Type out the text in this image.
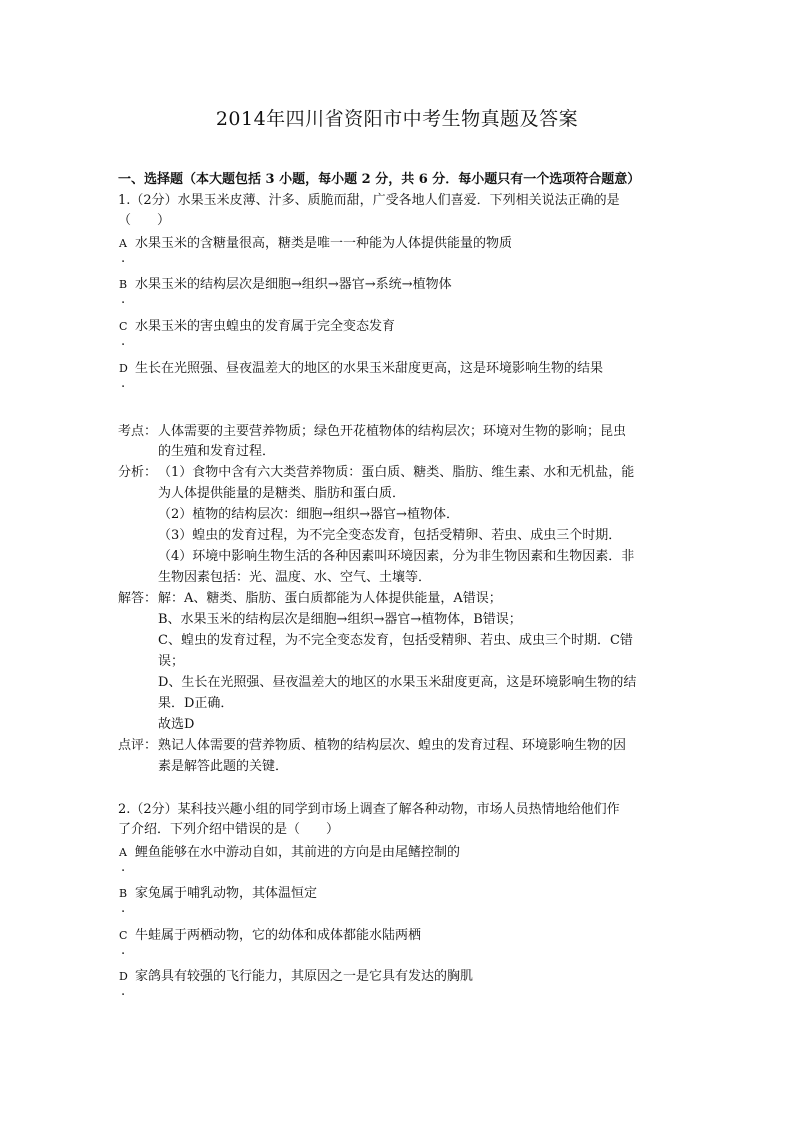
2014年四川省资阳市中考生物真题及答案
一、选择题（本大题包括 3 小题，每小题 2 分，共 6 分．每小题只有一个选项符合题意）
1.（2分）水果玉米皮薄、汁多、质脆而甜，广受各地人们喜爱．下列相关说法正确的是
（　　）
A 水果玉米的含糖量很高，糖类是唯一一种能为人体提供能量的物质
.
B 水果玉米的结构层次是细胞→组织→器官→系统→植物体
.
C 水果玉米的害虫蝗虫的发育属于完全变态发育
.
D 生长在光照强、昼夜温差大的地区的水果玉米甜度更高，这是环境影响生物的结果
.
考点： 人体需要的主要营养物质；绿色开花植物体的结构层次；环境对生物的影响；昆虫
的生殖和发育过程．
分析： （1）食物中含有六大类营养物质：蛋白质、糖类、脂肪、维生素、水和无机盐，能
为人体提供能量的是糖类、脂肪和蛋白质．
（2）植物的结构层次：细胞→组织→器官→植物体．
（3）蝗虫的发育过程，为不完全变态发育，包括受精卵、若虫、成虫三个时期．
（4）环境中影响生物生活的各种因素叫环境因素，分为非生物因素和生物因素．非
生物因素包括：光、温度、水、空气、土壤等．
解答： 解：A、糖类、脂肪、蛋白质都能为人体提供能量，A错误；
B、水果玉米的结构层次是细胞→组织→器官→植物体，B错误；
C、蝗虫的发育过程，为不完全变态发育，包括受精卵、若虫、成虫三个时期．C错
误；
D、生长在光照强、昼夜温差大的地区的水果玉米甜度更高，这是环境影响生物的结
果．D正确．
故选D
点评： 熟记人体需要的营养物质、植物的结构层次、蝗虫的发育过程、环境影响生物的因
素是解答此题的关键．
2.（2分）某科技兴趣小组的同学到市场上调查了解各种动物，市场人员热情地给他们作
了介绍．下列介绍中错误的是（　　）
A 鲤鱼能够在水中游动自如，其前进的方向是由尾鳍控制的
.
B 家兔属于哺乳动物，其体温恒定
.
C 牛蛙属于两栖动物，它的幼体和成体都能水陆两栖
.
D 家鸽具有较强的飞行能力，其原因之一是它具有发达的胸肌
.
